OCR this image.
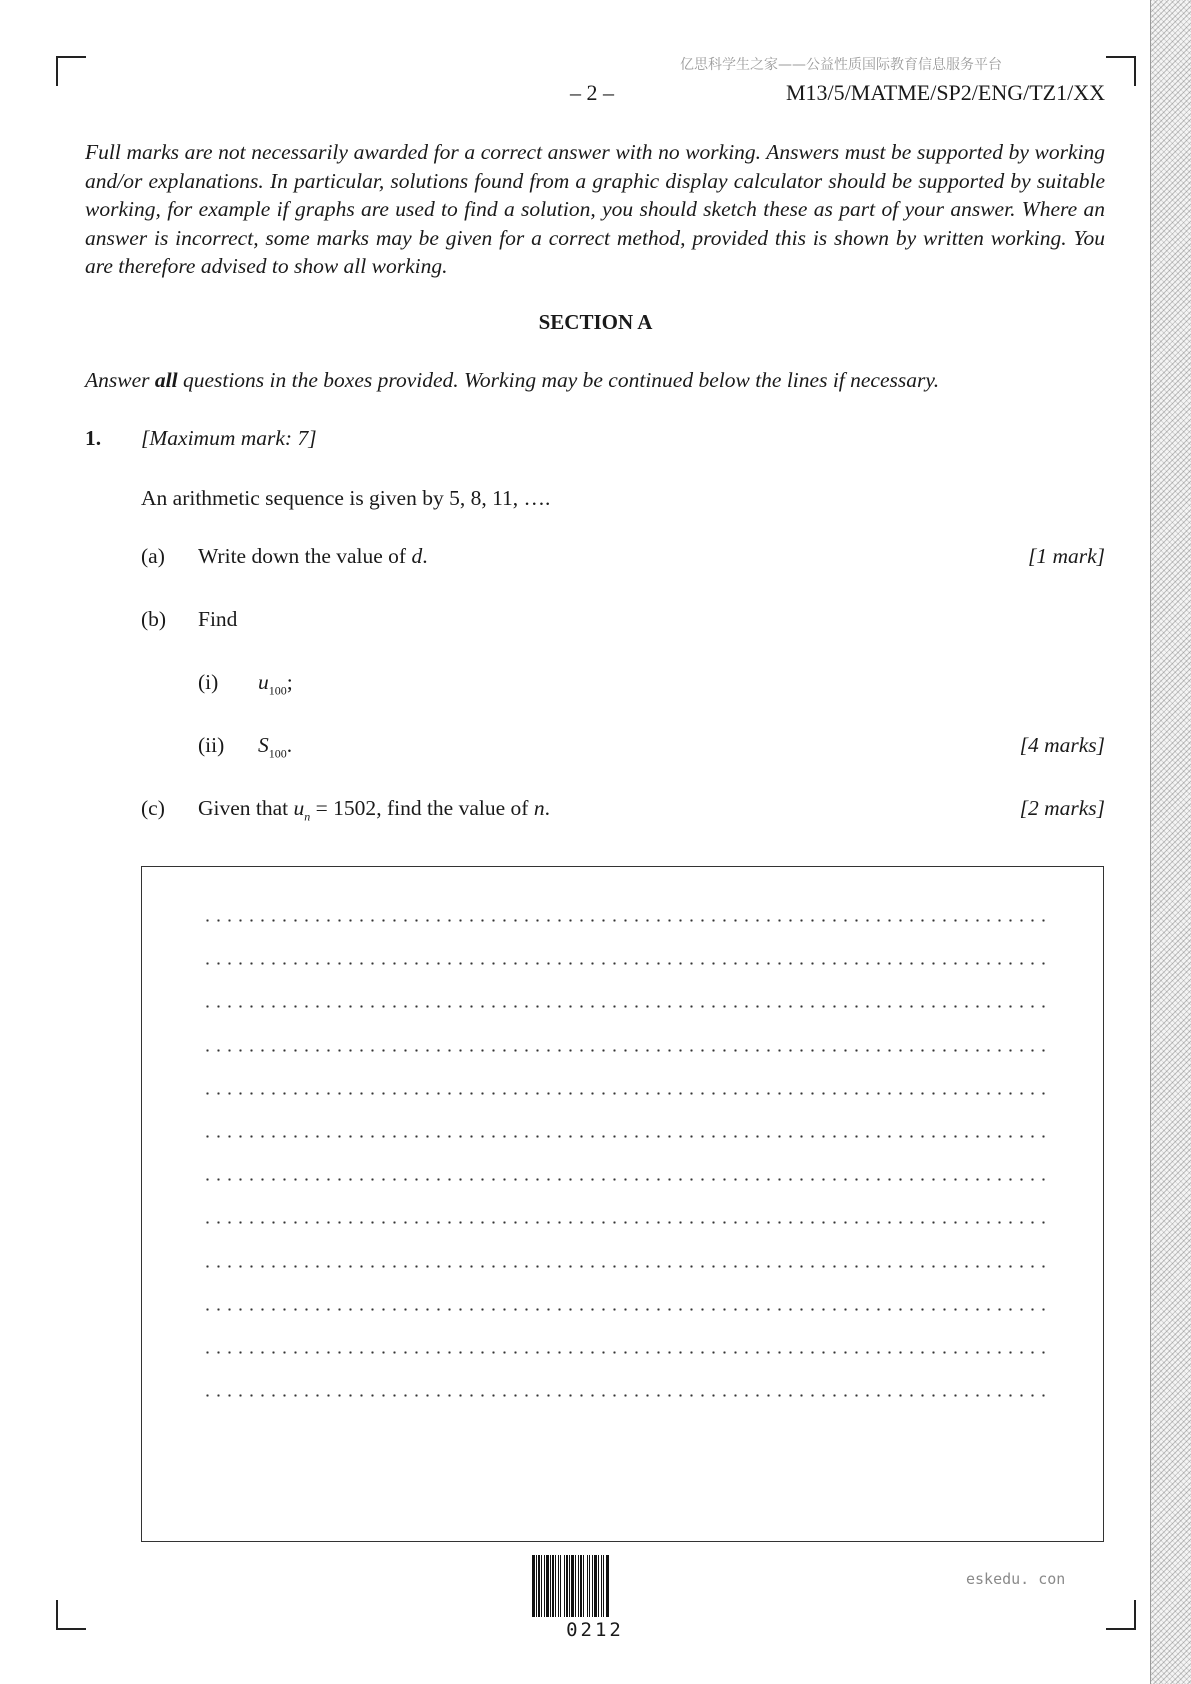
亿思科学生之家——公益性质国际教育信息服务平台
– 2 –	M13/5/MATME/SP2/ENG/TZ1/XX
Full marks are not necessarily awarded for a correct answer with no working. Answers must be supported by working and/or explanations. In particular, solutions found from a graphic display calculator should be supported by suitable working, for example if graphs are used to find a solution, you should sketch these as part of your answer. Where an answer is incorrect, some marks may be given for a correct method, provided this is shown by written working. You are therefore advised to show all working.
SECTION A
Answer all questions in the boxes provided. Working may be continued below the lines if necessary.
1. [Maximum mark: 7]
An arithmetic sequence is given by 5, 8, 11, ….
(a) Write down the value of d.	[1 mark]
(b) Find
(i) $u_{100}$;
(ii) $S_{100}$.	[4 marks]
(c) Given that $u_n = 1502$, find the value of n.	[2 marks]
0212
eskedu. con
